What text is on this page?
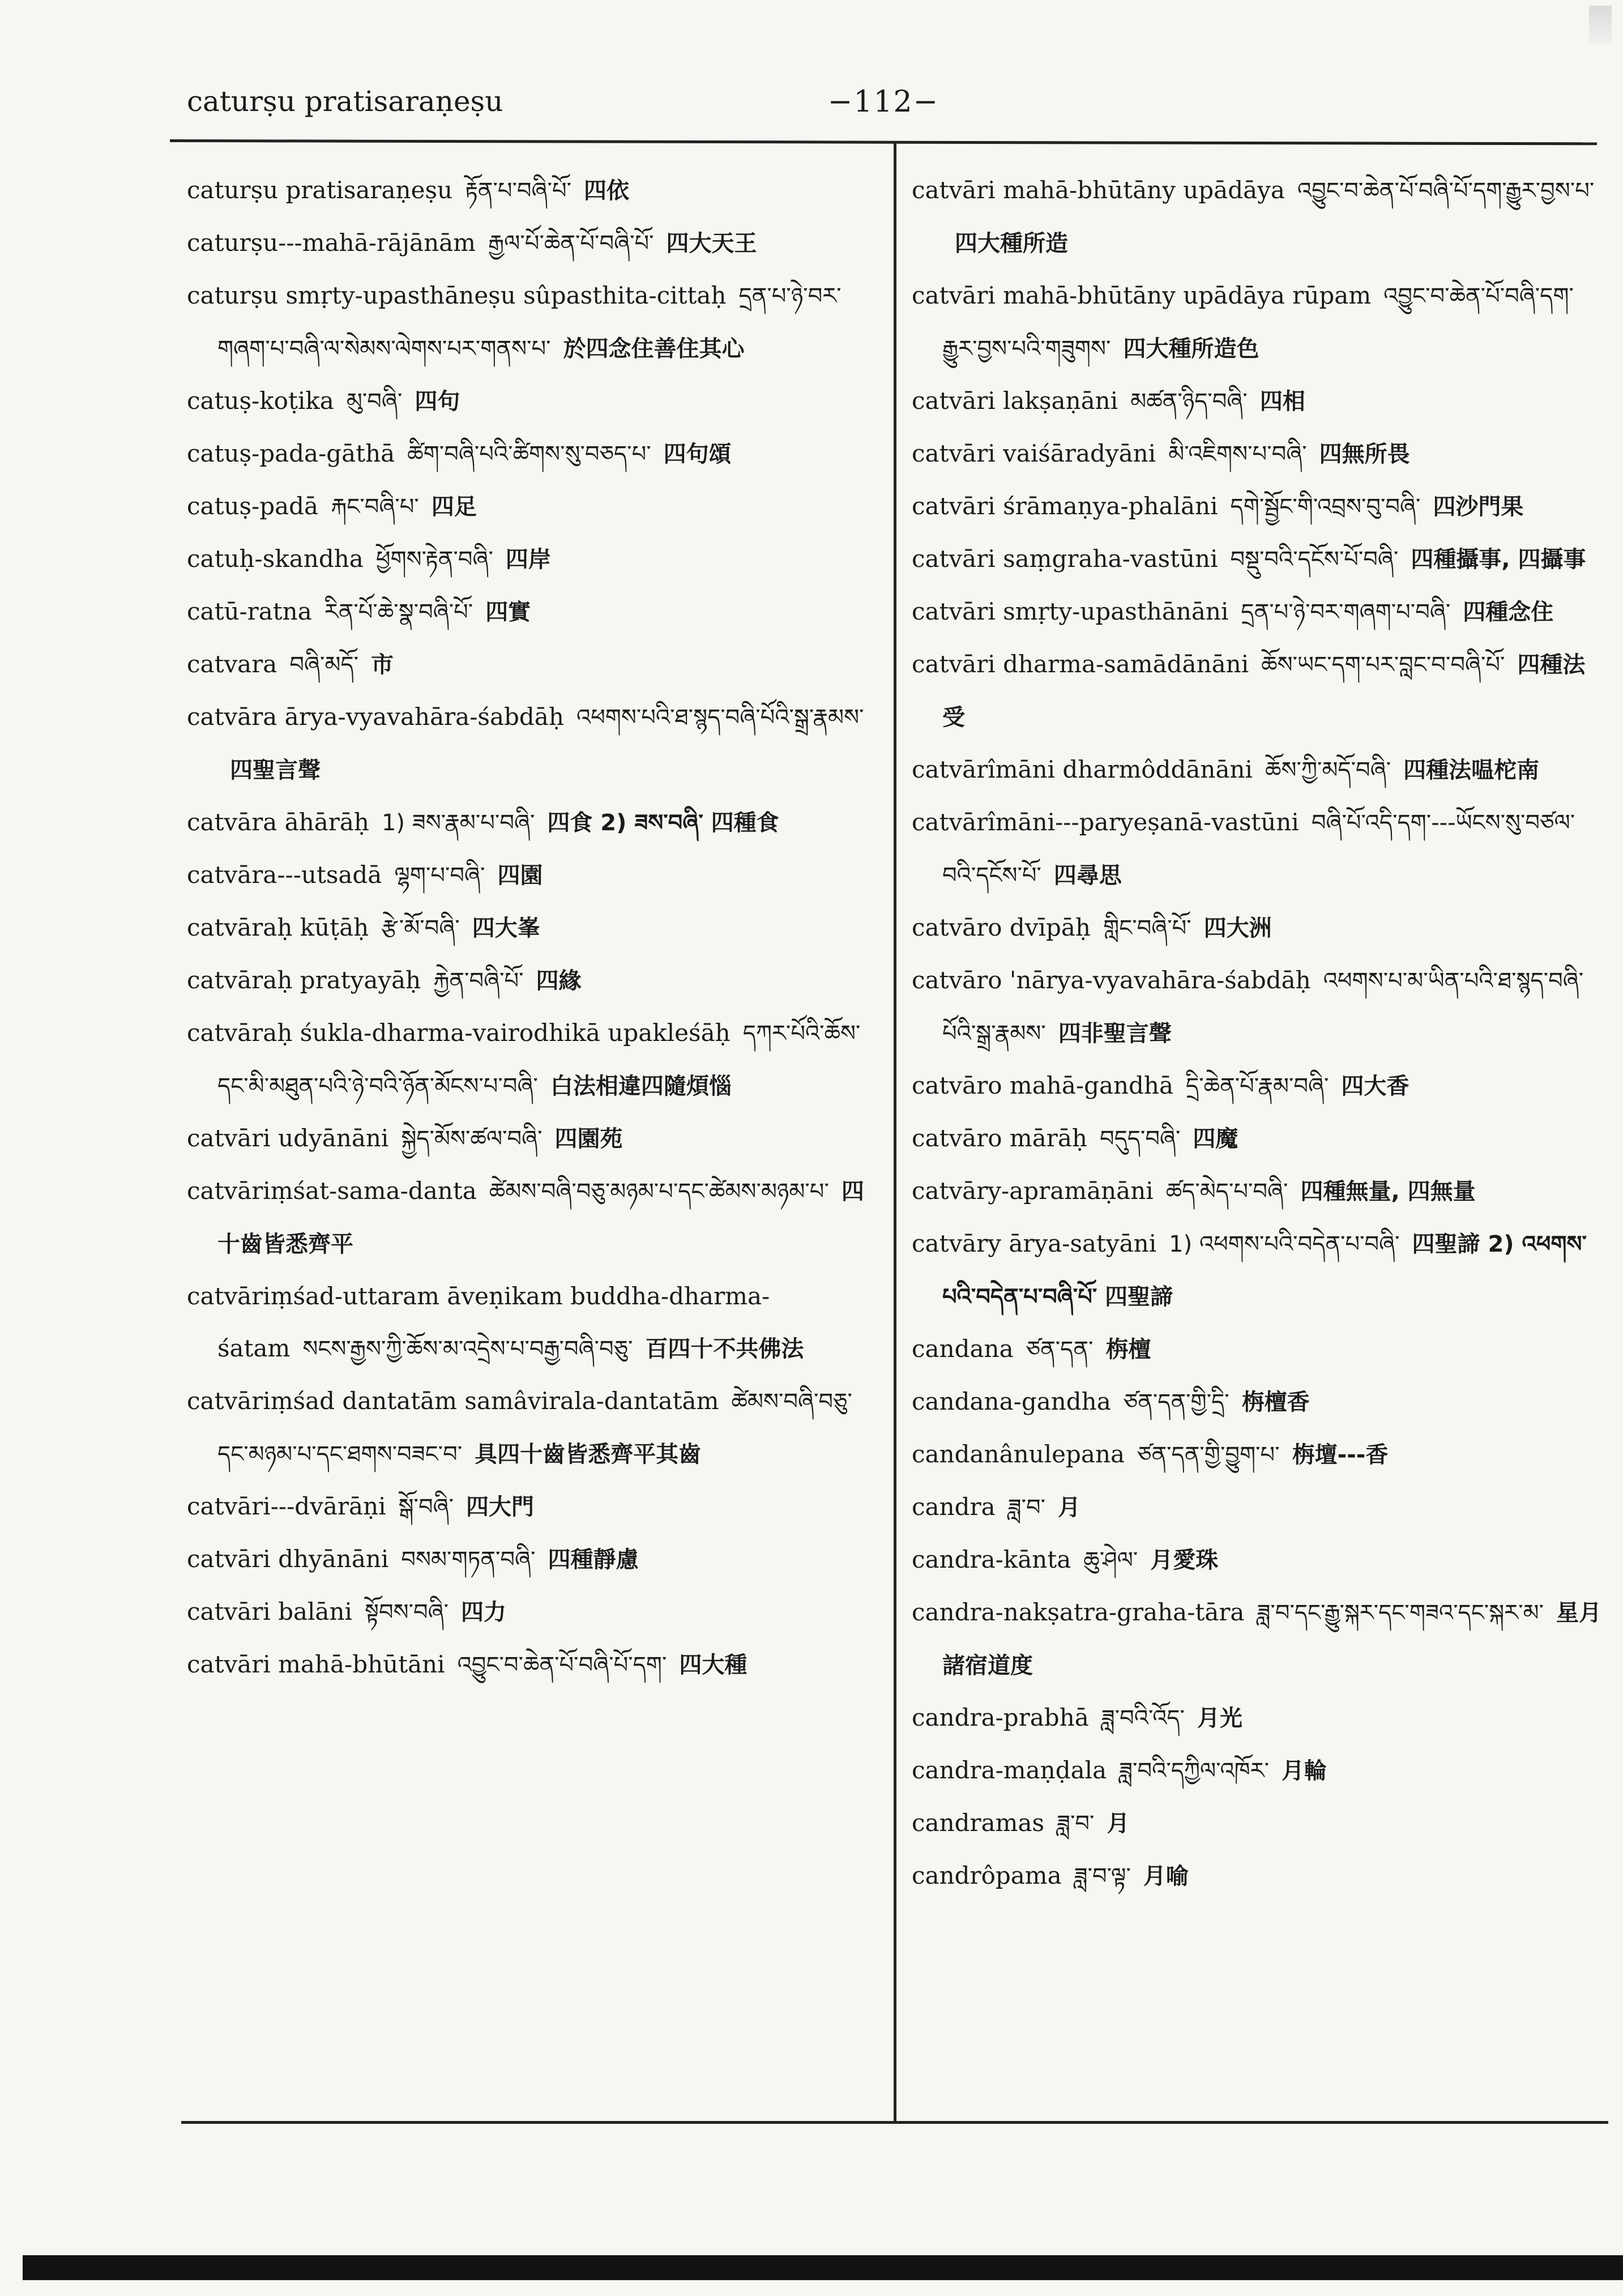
caturṣu pratisaraṇeṣu	−112−

caturṣu pratisaraṇeṣu རྟོན་པ་བཞི་པོ་ 四依

caturṣu---mahā-rājānām རྒྱལ་པོ་ཆེན་པོ་བཞི་པོ་ 四大天王

caturṣu smṛty-upasthāneṣu sûpasthita-cittaḥ དྲན་པ་ཉེ་བར་གཞག་པ་བཞི་ལ་སེམས་ལེགས་པར་གནས་པ་ 於四念住善住其心

catuṣ-koṭika མུ་བཞི་ 四句

catuṣ-pada-gāthā ཚིག་བཞི་པའི་ཚིགས་སུ་བཅད་པ་ 四句頌

catuṣ-padā རྐང་བཞི་པ་ 四足

catuḥ-skandha ཕྱོགས་རྟེན་བཞི་ 四岸

catū-ratna རིན་པོ་ཆེ་སྣ་བཞི་པོ་ 四實

catvara བཞི་མདོ་ 市

catvāra ārya-vyavahāra-śabdāḥ འཕགས་པའི་ཐ་སྙད་བཞི་པོའི་སྒྲ་རྣམས་四聖言聲

catvāra āhārāḥ 1) ཟས་རྣམ་པ་བཞི་ 四食 2) ཟས་བཞི་ 四種食

catvāra---utsadā ལྷག་པ་བཞི་ 四園

catvāraḥ kūṭāḥ རྩེ་མོ་བཞི་ 四大峯

catvāraḥ pratyayāḥ རྐྱེན་བཞི་པོ་ 四緣

catvāraḥ śukla-dharma-vairodhikā upakleśāḥ དཀར་པོའི་ཆོས་དང་མི་མཐུན་པའི་ཉེ་བའི་ཉོན་མོངས་པ་བཞི་ 白法相違四隨煩惱

catvāri udyānāni སྐྱེད་མོས་ཚལ་བཞི་ 四園苑

catvāriṃśat-sama-danta ཚེམས་བཞི་བཅུ་མཉམ་པ་དང་ཚེམས་མཉམ་པ་ 四十齒皆悉齊平

catvāriṃśad-uttaram āveṇikam buddha-dharma-śatam སངས་རྒྱས་ཀྱི་ཆོས་མ་འདྲེས་པ་བརྒྱ་བཞི་བཅུ་ 百四十不共佛法

catvāriṃśad dantatām samâvirala-dantatām ཚེམས་བཞི་བཅུ་དང་མཉམ་པ་དང་ཐགས་བཟང་བ་ 具四十齒皆悉齊平其齒

catvāri---dvārāṇi སྒོ་བཞི་ 四大門

catvāri dhyānāni བསམ་གཏན་བཞི་ 四種靜慮

catvāri balāni སྟོབས་བཞི་ 四力

catvāri mahā-bhūtāni འབྱུང་བ་ཆེན་པོ་བཞི་པོ་དག་ 四大種

catvāri mahā-bhūtāny upādāya འབྱུང་བ་ཆེན་པོ་བཞི་པོ་དག་རྒྱུར་བྱས་པ་四大種所造

catvāri mahā-bhūtāny upādāya rūpam འབྱུང་བ་ཆེན་པོ་བཞི་དག་རྒྱུར་བྱས་པའི་གཟུགས་ 四大種所造色

catvāri lakṣaṇāni མཚན་ཉིད་བཞི་ 四相

catvāri vaiśāradyāni མི་འཇིགས་པ་བཞི་ 四無所畏

catvāri śrāmaṇya-phalāni དགེ་སྦྱོང་གི་འབྲས་བུ་བཞི་ 四沙門果

catvāri saṃgraha-vastūni བསྡུ་བའི་དངོས་པོ་བཞི་ 四種攝事, 四攝事

catvāri smṛty-upasthānāni དྲན་པ་ཉེ་བར་གཞག་པ་བཞི་ 四種念住

catvāri dharma-samādānāni ཆོས་ཡང་དག་པར་བླང་བ་བཞི་པོ་ 四種法受

catvārîmāni dharmôddānāni ཆོས་ཀྱི་མདོ་བཞི་ 四種法嗢柁南

catvārîmāni---paryeṣanā-vastūni བཞི་པོ་འདི་དག་---ཡོངས་སུ་བཙལ་བའི་དངོས་པོ་ 四尋思

catvāro dvīpāḥ གླིང་བཞི་པོ་ 四大洲

catvāro 'nārya-vyavahāra-śabdāḥ འཕགས་པ་མ་ཡིན་པའི་ཐ་སྙད་བཞི་པོའི་སྒྲ་རྣམས་ 四非聖言聲

catvāro mahā-gandhā དྲི་ཆེན་པོ་རྣམ་བཞི་ 四大香

catvāro mārāḥ བདུད་བཞི་ 四魔

catvāry-apramāṇāni ཚད་མེད་པ་བཞི་ 四種無量, 四無量

catvāry ārya-satyāni 1) འཕགས་པའི་བདེན་པ་བཞི་ 四聖諦 2) འཕགས་པའི་བདེན་པ་བཞི་པོ་ 四聖諦

candana ཙན་དན་ 栴檀

candana-gandha ཙན་དན་གྱི་དྲི་ 栴檀香

candanânulepana ཙན་དན་གྱི་བྱུག་པ་ 栴壇---香

candra ཟླ་བ་ 月

candra-kānta ཆུ་ཤེལ་ 月愛珠

candra-nakṣatra-graha-tāra ཟླ་བ་དང་རྒྱུ་སྐར་དང་གཟའ་དང་སྐར་མ་ 星月諸宿道度

candra-prabhā ཟླ་བའི་འོད་ 月光

candra-maṇḍala ཟླ་བའི་དཀྱིལ་འཁོར་ 月輪

candramas ཟླ་བ་ 月

candrôpama ཟླ་བ་ལྟ་ 月喻
